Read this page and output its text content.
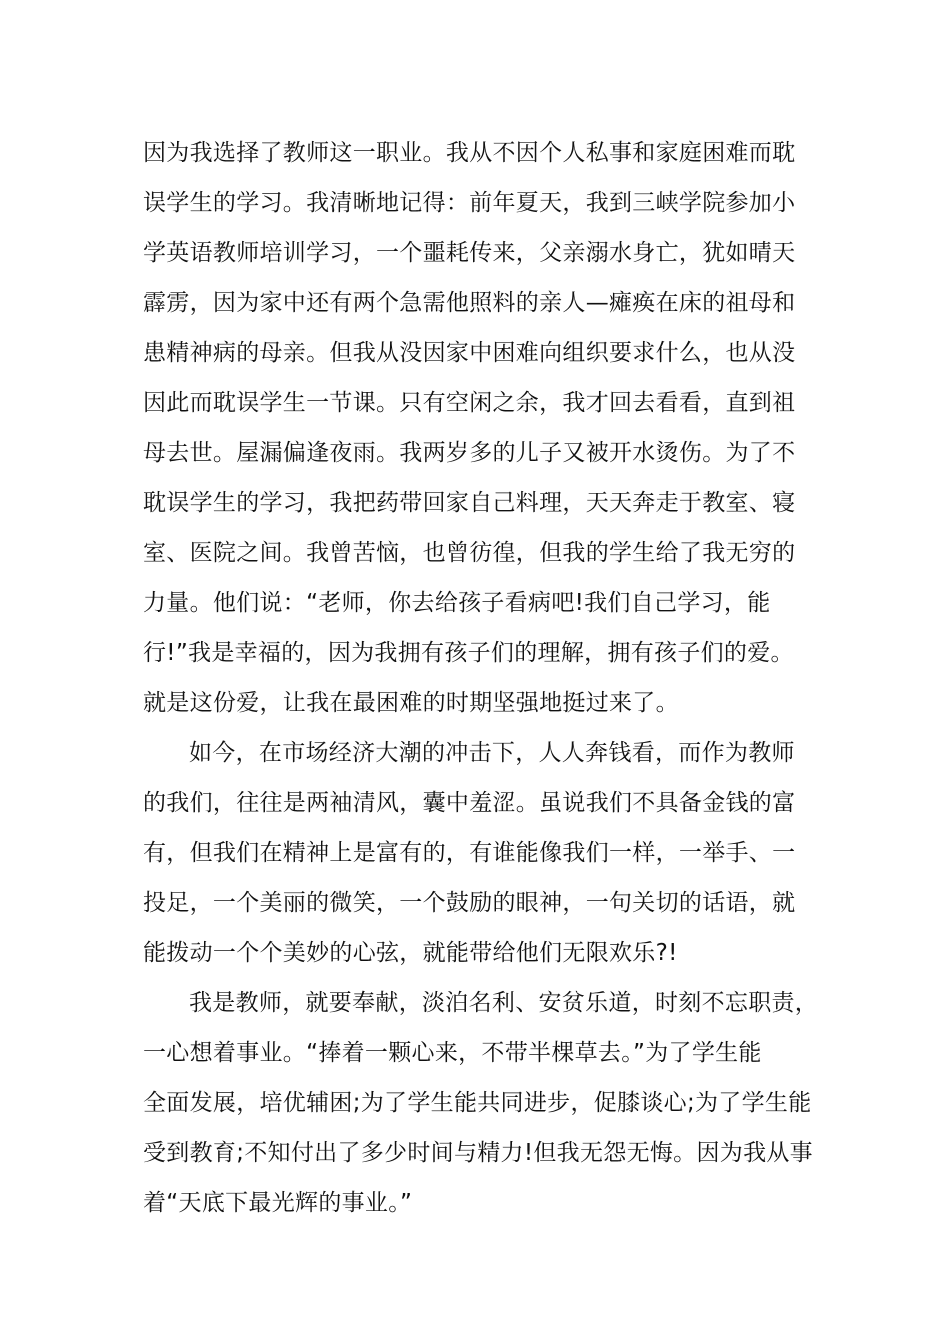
因为我选择了教师这一职业。我从不因个人私事和家庭困难而耽
误学生的学习。我清晰地记得：前年夏天，我到三峡学院参加小
学英语教师培训学习，一个噩耗传来，父亲溺水身亡，犹如晴天
霹雳，因为家中还有两个急需他照料的亲人—瘫痪在床的祖母和
患精神病的母亲。但我从没因家中困难向组织要求什么，也从没
因此而耽误学生一节课。只有空闲之余，我才回去看看，直到祖
母去世。屋漏偏逢夜雨。我两岁多的儿子又被开水烫伤。为了不
耽误学生的学习，我把药带回家自己料理，天天奔走于教室、寝
室、医院之间。我曾苦恼，也曾彷徨，但我的学生给了我无穷的
力量。他们说：“老师，你去给孩子看病吧!我们自己学习，能
行!”我是幸福的，因为我拥有孩子们的理解，拥有孩子们的爱。
就是这份爱，让我在最困难的时期坚强地挺过来了。
如今，在市场经济大潮的冲击下，人人奔钱看，而作为教师
的我们，往往是两袖清风，囊中羞涩。虽说我们不具备金钱的富
有，但我们在精神上是富有的，有谁能像我们一样，一举手、一
投足，一个美丽的微笑，一个鼓励的眼神，一句关切的话语，就
能拨动一个个美妙的心弦，就能带给他们无限欢乐?!
我是教师，就要奉献，淡泊名利、安贫乐道，时刻不忘职责，
一心想着事业。“捧着一颗心来，不带半棵草去。”为了学生能
全面发展，培优辅困;为了学生能共同进步，促膝谈心;为了学生能
受到教育;不知付出了多少时间与精力!但我无怨无悔。因为我从事
着“天底下最光辉的事业。”
